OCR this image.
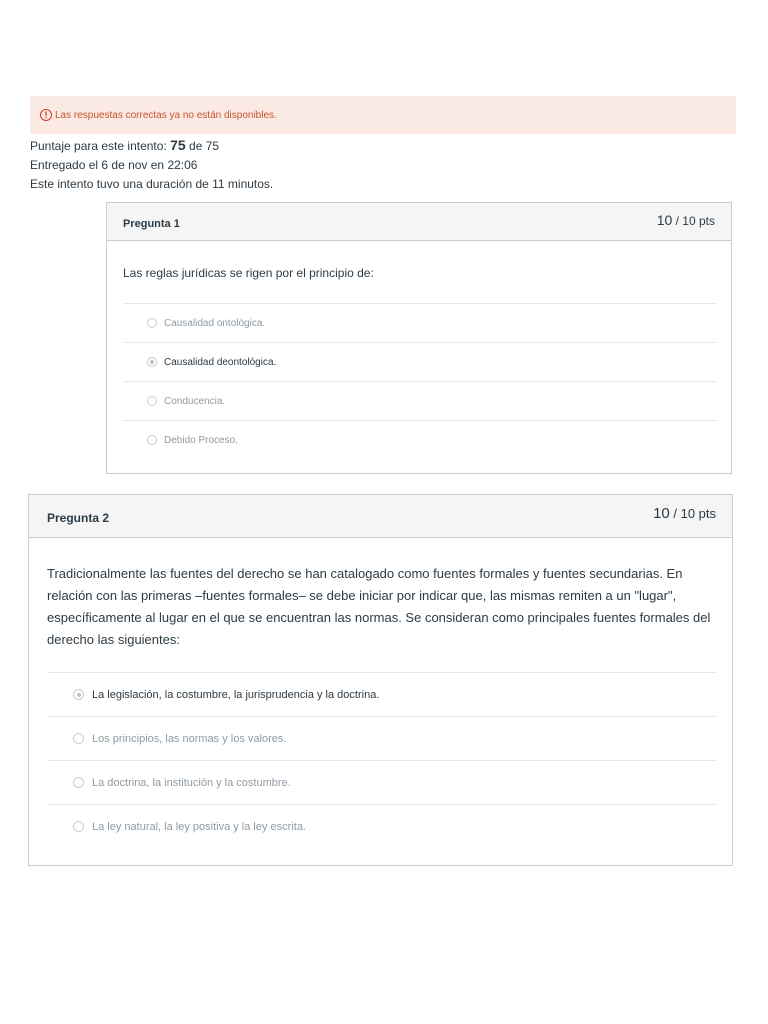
! Las respuestas correctas ya no están disponibles.
Puntaje para este intento: 75 de 75
Entregado el 6 de nov en 22:06
Este intento tuvo una duración de 11 minutos.
Pregunta 1	10 / 10 pts
Las reglas jurídicas se rigen por el principio de:
Causalidad ontológica.
Causalidad deontológica.
Conducencia.
Debido Proceso.
Pregunta 2	10 / 10 pts
Tradicionalmente las fuentes del derecho se han catalogado como fuentes formales y fuentes secundarias. En relación con las primeras –fuentes formales– se debe iniciar por indicar que, las mismas remiten a un "lugar", específicamente al lugar en el que se encuentran las normas. Se consideran como principales fuentes formales del derecho las siguientes:
La legislación, la costumbre, la jurisprudencia y la doctrina.
Los principios, las normas y los valores.
La doctrina, la institución y la costumbre.
La ley natural, la ley positiva y la ley escrita.
